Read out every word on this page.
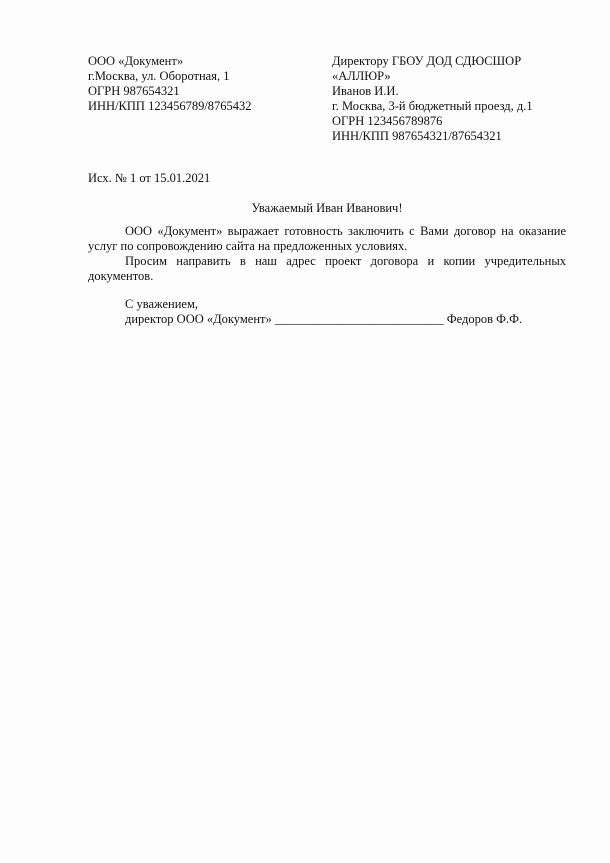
ООО «Документ»
г.Москва, ул. Оборотная, 1
ОГРН 987654321
ИНН/КПП 123456789/8765432
Директору ГБОУ ДОД СДЮСШОР
«АЛЛЮР»
Иванов И.И.
г. Москва, 3-й бюджетный проезд, д.1
ОГРН 123456789876
ИНН/КПП 987654321/87654321
Исх. № 1 от 15.01.2021
Уважаемый Иван Иванович!

ООО «Документ» выражает готовность заключить с Вами договор на оказание услуг по сопровождению сайта на предложенных условиях.

Просим направить в наш адрес проект договора и копии учредительных документов.

С уважением,
директор ООО «Документ» ___________________________ Федоров Ф.Ф.
